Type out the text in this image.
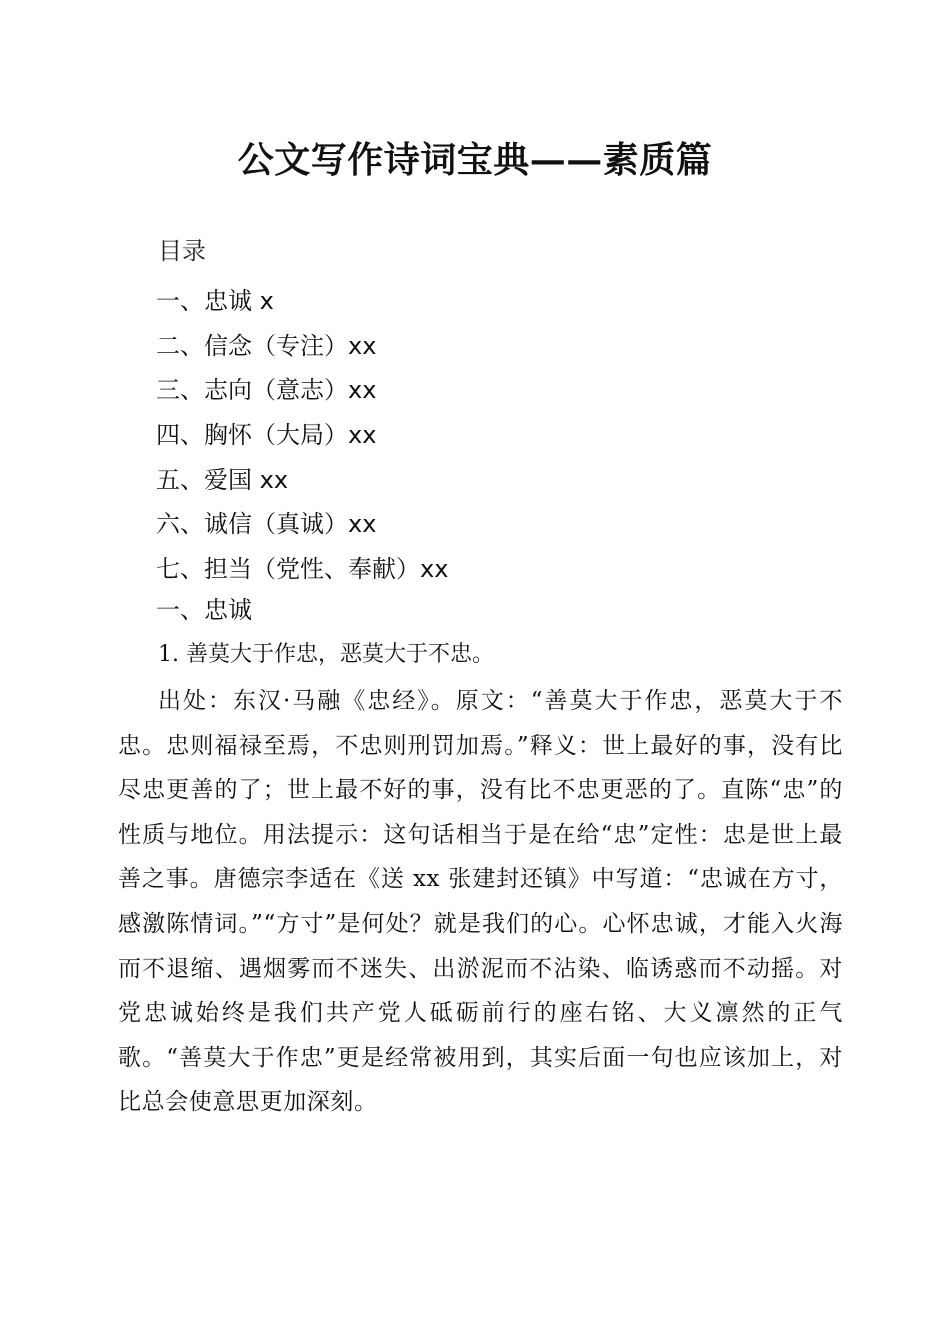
公文写作诗词宝典——素质篇
目录
一、忠诚 x
二、信念（专注）xx
三、志向（意志）xx
四、胸怀（大局）xx
五、爱国 xx
六、诚信（真诚）xx
七、担当（党性、奉献）xx
一、忠诚
1. 善莫大于作忠，恶莫大于不忠。

出处：东汉·马融《忠经》。原文：“善莫大于作忠，恶莫大于不忠。忠则福禄至焉，不忠则刑罚加焉。”释义：世上最好的事，没有比尽忠更善的了；世上最不好的事，没有比不忠更恶的了。直陈“忠”的性质与地位。用法提示：这句话相当于是在给“忠”定性：忠是世上最善之事。唐德宗李适在《送 xx 张建封还镇》中写道：“忠诚在方寸，感激陈情词。”“方寸”是何处？就是我们的心。心怀忠诚，才能入火海而不退缩、遇烟雾而不迷失、出淤泥而不沾染、临诱惑而不动摇。对党忠诚始终是我们共产党人砥砺前行的座右铭、大义凛然的正气歌。“善莫大于作忠”更是经常被用到，其实后面一句也应该加上，对比总会使意思更加深刻。
